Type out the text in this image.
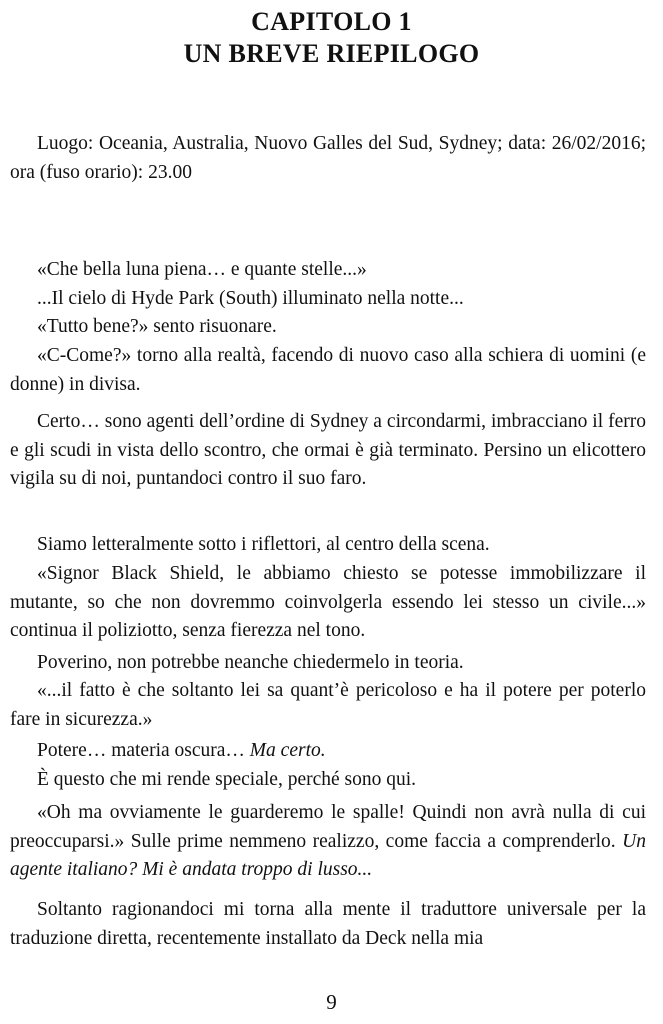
CAPITOLO 1
UN BREVE RIEPILOGO
Luogo: Oceania, Australia, Nuovo Galles del Sud, Sydney; data: 26/02/2016; ora (fuso orario): 23.00
«Che bella luna piena… e quante stelle...»
...Il cielo di Hyde Park (South) illuminato nella notte...
«Tutto bene?» sento risuonare.
«C-Come?» torno alla realtà, facendo di nuovo caso alla schiera di uomini (e donne) in divisa.
Certo… sono agenti dell’ordine di Sydney a circondarmi, imbracciano il ferro e gli scudi in vista dello scontro, che ormai è già terminato. Persino un elicottero vigila su di noi, puntandoci contro il suo faro.
Siamo letteralmente sotto i riflettori, al centro della scena.
«Signor Black Shield, le abbiamo chiesto se potesse immobilizzare il mutante, so che non dovremmo coinvolgerla essendo lei stesso un civile...» continua il poliziotto, senza fierezza nel tono.
Poverino, non potrebbe neanche chiedermelo in teoria.
«...il fatto è che soltanto lei sa quant’è pericoloso e ha il potere per poterlo fare in sicurezza.»
Potere… materia oscura… Ma certo.
È questo che mi rende speciale, perché sono qui.
«Oh ma ovviamente le guarderemo le spalle! Quindi non avrà nulla di cui preoccuparsi.» Sulle prime nemmeno realizzo, come faccia a comprenderlo. Un agente italiano? Mi è andata troppo di lusso...
Soltanto ragionandoci mi torna alla mente il traduttore universale per la traduzione diretta, recentemente installato da Deck nella mia
9
